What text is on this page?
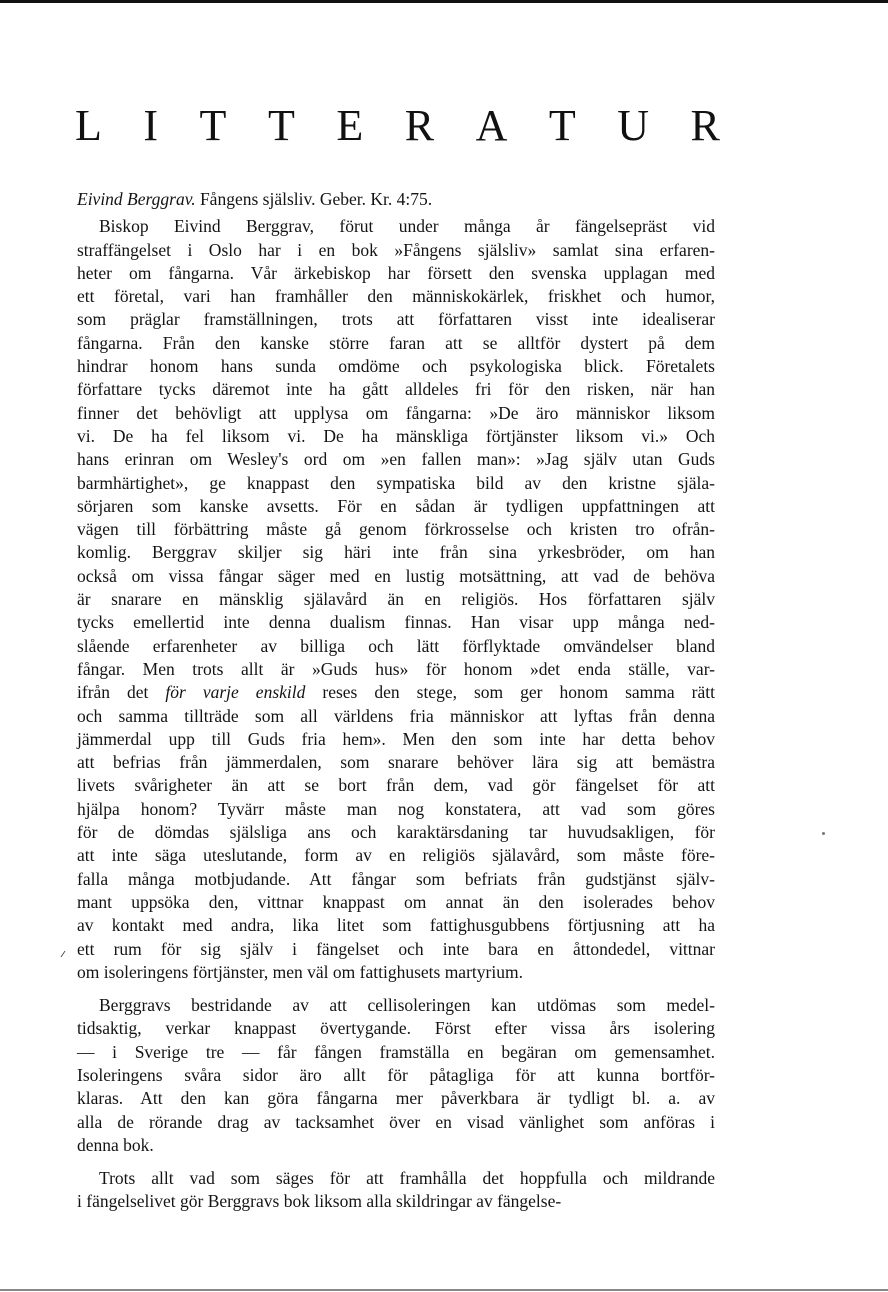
L I T T E R A T U R
Eivind Berggrav. Fångens själsliv. Geber. Kr. 4:75.
Biskop Eivind Berggrav, förut under många år fängelsepräst vid
straffängelset i Oslo har i en bok »Fångens själsliv» samlat sina erfaren-
heter om fångarna. Vår ärkebiskop har försett den svenska upplagan med
ett företal, vari han framhåller den människokärlek, friskhet och humor,
som präglar framställningen, trots att författaren visst inte idealiserar
fångarna. Från den kanske större faran att se alltför dystert på dem
hindrar honom hans sunda omdöme och psykologiska blick. Företalets
författare tycks däremot inte ha gått alldeles fri för den risken, när han
finner det behövligt att upplysa om fångarna: »De äro människor liksom
vi. De ha fel liksom vi. De ha mänskliga förtjänster liksom vi.» Och
hans erinran om Wesley's ord om »en fallen man»: »Jag själv utan Guds
barmhärtighet», ge knappast den sympatiska bild av den kristne själa-
sörjaren som kanske avsetts. För en sådan är tydligen uppfattningen att
vägen till förbättring måste gå genom förkrosselse och kristen tro ofrån-
komlig. Berggrav skiljer sig häri inte från sina yrkesbröder, om han
också om vissa fångar säger med en lustig motsättning, att vad de behöva
är snarare en mänsklig själavård än en religiös. Hos författaren själv
tycks emellertid inte denna dualism finnas. Han visar upp många ned-
slående erfarenheter av billiga och lätt förflyktade omvändelser bland
fångar. Men trots allt är »Guds hus» för honom »det enda ställe, var-
ifrån det för varje enskild reses den stege, som ger honom samma rätt
och samma tillträde som all världens fria människor att lyftas från denna
jämmerdal upp till Guds fria hem». Men den som inte har detta behov
att befrias från jämmerdalen, som snarare behöver lära sig att bemästra
livets svårigheter än att se bort från dem, vad gör fängelset för att
hjälpa honom? Tyvärr måste man nog konstatera, att vad som göres
för de dömdas själsliga ans och karaktärsdaning tar huvudsakligen, för
att inte säga uteslutande, form av en religiös själavård, som måste före-
falla många motbjudande. Att fångar som befriats från gudstjänst själv-
mant uppsöka den, vittnar knappast om annat än den isolerades behov
av kontakt med andra, lika litet som fattighusgubbens förtjusning att ha
ett rum för sig själv i fängelset och inte bara en åttondedel, vittnar
om isoleringens förtjänster, men väl om fattighusets martyrium.
Berggravs bestridande av att cellisoleringen kan utdömas som medel-
tidsaktig, verkar knappast övertygande. Först efter vissa års isolering
— i Sverige tre — får fången framställa en begäran om gemensamhet.
Isoleringens svåra sidor äro allt för påtagliga för att kunna bortför-
klaras. Att den kan göra fångarna mer påverkbara är tydligt bl. a. av
alla de rörande drag av tacksamhet över en visad vänlighet som anföras i
denna bok.
Trots allt vad som säges för att framhålla det hoppfulla och mildrande
i fängelselivet gör Berggravs bok liksom alla skildringar av fängelse-
